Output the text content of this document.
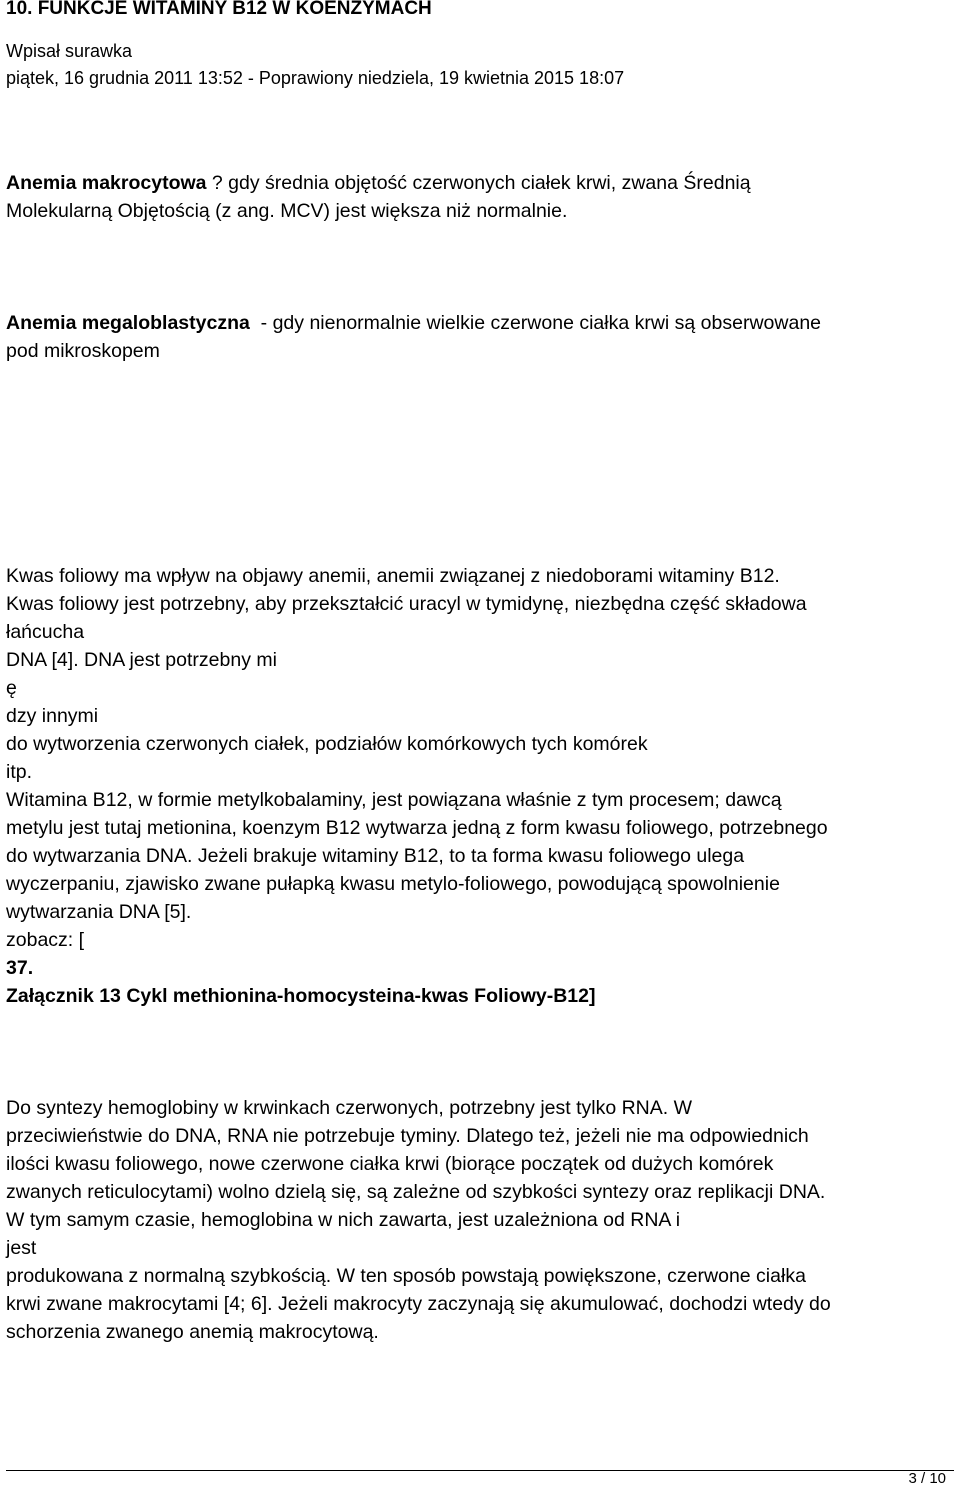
10. FUNKCJE WITAMINY B12 W KOENZYMACH
Wpisał surawka
piątek, 16 grudnia 2011 13:52 - Poprawiony niedziela, 19 kwietnia 2015 18:07

Anemia makrocytowa ? gdy średnia objętość czerwonych ciałek krwi, zwana Średnią
Molekularną Objętością (z ang. MCV) jest większa niż normalnie.

Anemia megaloblastyczna  - gdy nienormalnie wielkie czerwone ciałka krwi są obserwowane
pod mikroskopem

Kwas foliowy ma wpływ na objawy anemii, anemii związanej z niedoborami witaminy B12.
Kwas foliowy jest potrzebny, aby przekształcić uracyl w tymidynę, niezbędna część składowa
łańcucha
DNA [4]. DNA jest potrzebny mi
ę
dzy innymi
do wytworzenia czerwonych ciałek, podziałów komórkowych tych komórek
itp.
Witamina B12, w formie metylkobalaminy, jest powiązana właśnie z tym procesem; dawcą
metylu jest tutaj metionina, koenzym B12 wytwarza jedną z form kwasu foliowego, potrzebnego
do wytwarzania DNA. Jeżeli brakuje witaminy B12, to ta forma kwasu foliowego ulega
wyczerpaniu, zjawisko zwane pułapką kwasu metylo-foliowego, powodującą spowolnienie
wytwarzania DNA [5].
zobacz: [
37.
Załącznik 13 Cykl methionina-homocysteina-kwas Foliowy-B12]
Do syntezy hemoglobiny w krwinkach czerwonych, potrzebny jest tylko RNA. W
przeciwieństwie do DNA, RNA nie potrzebuje tyminy. Dlatego też, jeżeli nie ma odpowiednich
ilości kwasu foliowego, nowe czerwone ciałka krwi (biorące początek od dużych komórek
zwanych reticulocytami) wolno dzielą się, są zależne od szybkości syntezy oraz replikacji DNA.
W tym samym czasie, hemoglobina w nich zawarta, jest uzależniona od RNA i
jest
produkowana z normalną szybkością. W ten sposób powstają powiększone, czerwone ciałka
krwi zwane makrocytami [4; 6]. Jeżeli makrocyty zaczynają się akumulować, dochodzi wtedy do
schorzenia zwanego anemią makrocytową.
3 / 10
